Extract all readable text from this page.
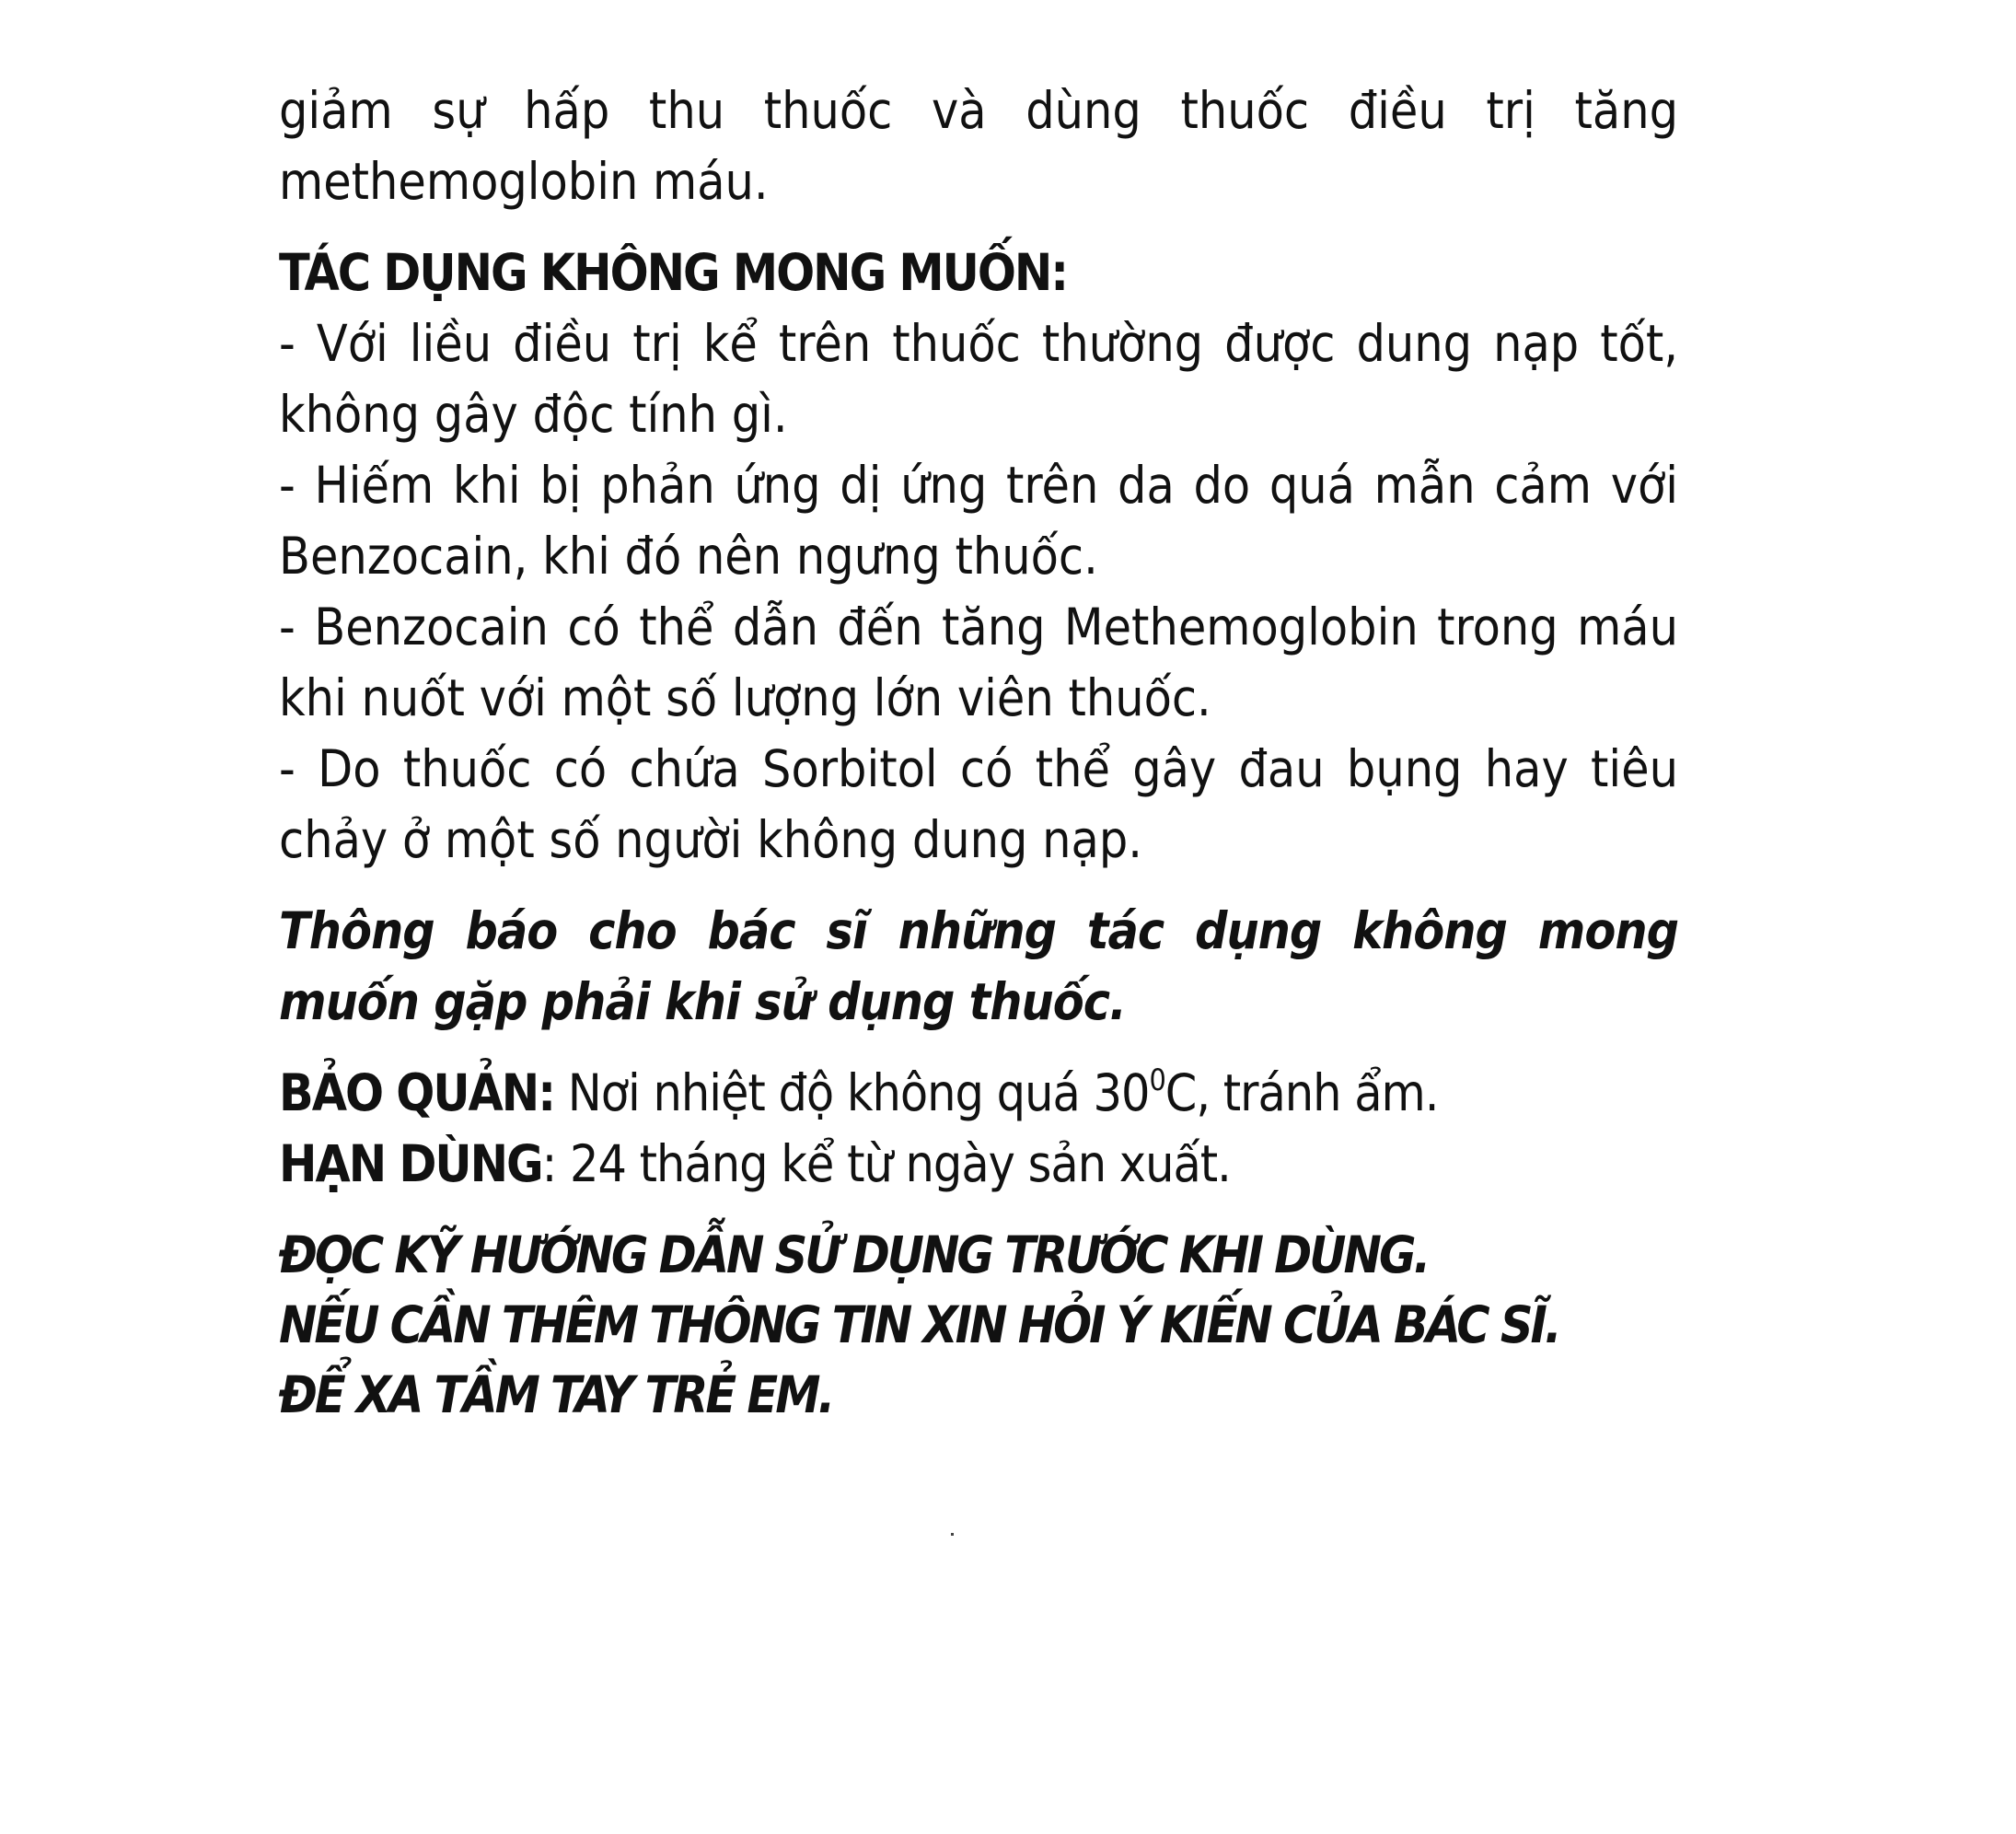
giảm sự hấp thu thuốc và dùng thuốc điều trị tăng methemoglobin máu.

TÁC DỤNG KHÔNG MONG MUỐN:

- Với liều điều trị kể trên thuốc thường được dung nạp tốt, không gây độc tính gì.

- Hiếm khi bị phản ứng dị ứng trên da do quá mẫn cảm với Benzocain, khi đó nên ngưng thuốc.

- Benzocain có thể dẫn đến tăng Methemoglobin trong máu khi nuốt với một số lượng lớn viên thuốc.

- Do thuốc có chứa Sorbitol có thể gây đau bụng hay tiêu chảy ở một số người không dung nạp.

Thông báo cho bác sĩ những tác dụng không mong muốn gặp phải khi sử dụng thuốc.

BẢO QUẢN: Nơi nhiệt độ không quá $30^0C$, tránh ẩm.

HẠN DÙNG: 24 tháng kể từ ngày sản xuất.

ĐỌC KỸ HƯỚNG DẪN SỬ DỤNG TRƯỚC KHI DÙNG.

NẾU CẦN THÊM THÔNG TIN XIN HỎI Ý KIẾN CỦA BÁC SĨ.

ĐỂ XA TẦM TAY TRẺ EM.
